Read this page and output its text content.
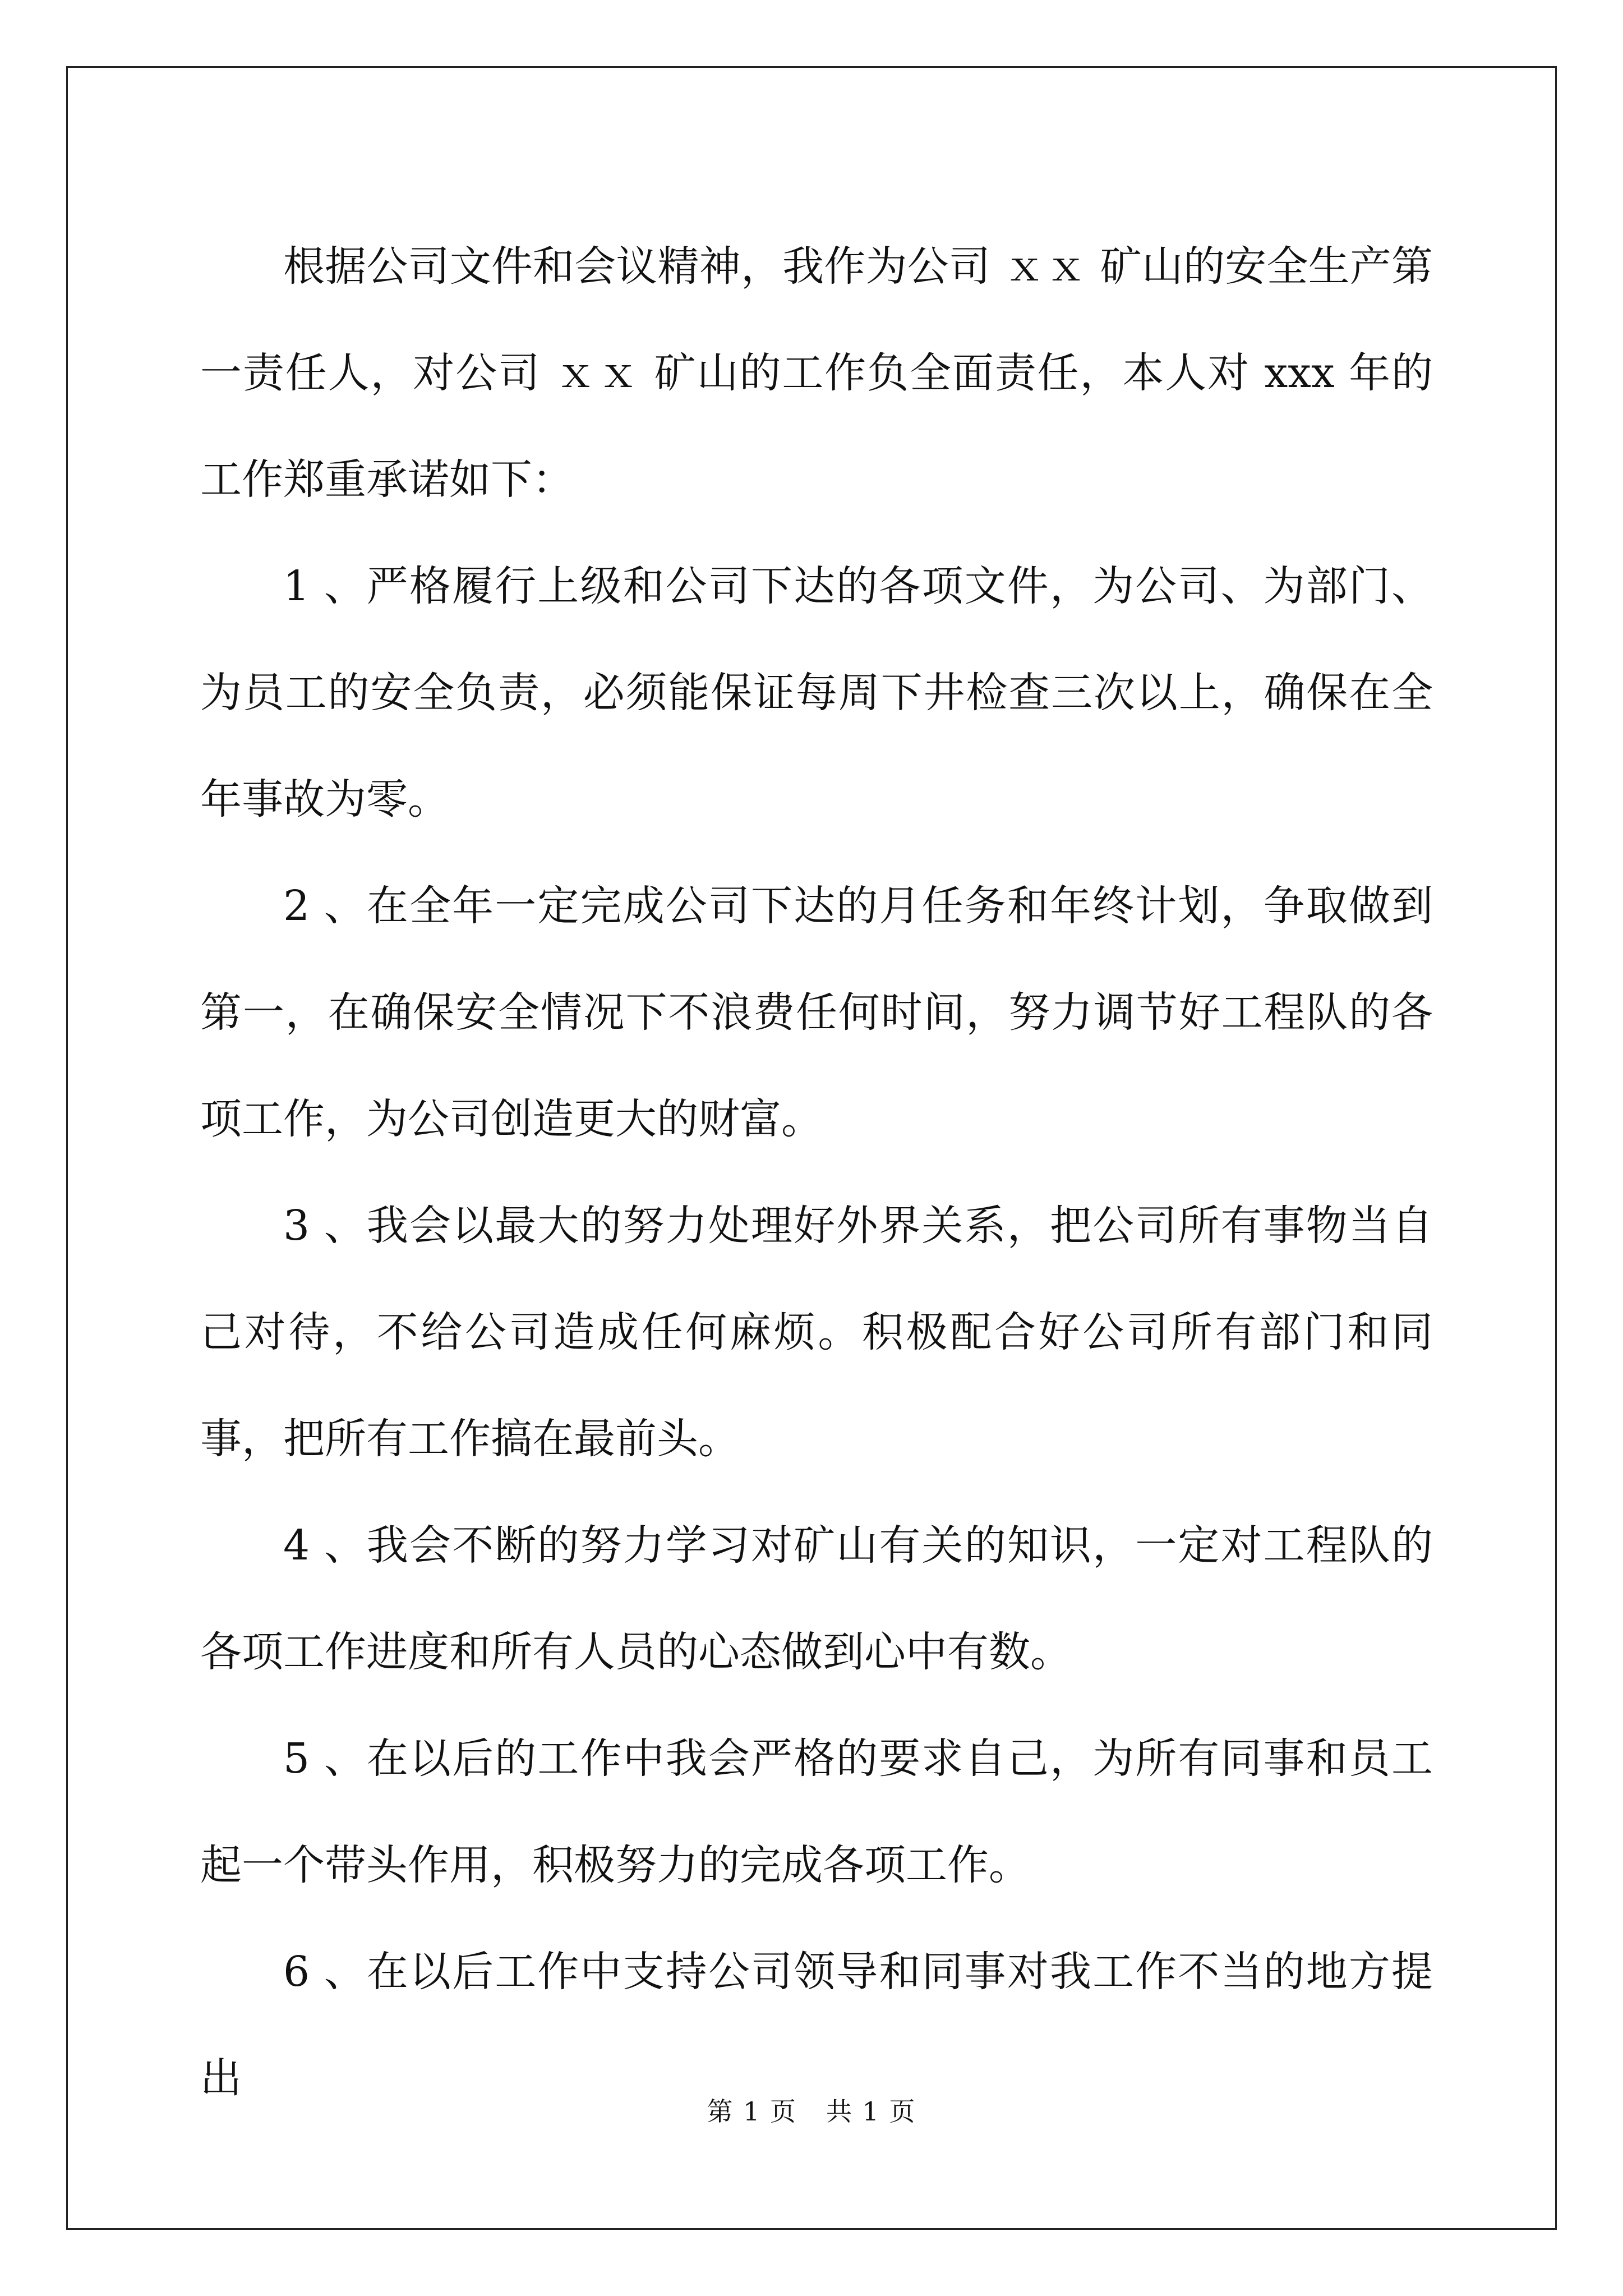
根据公司文件和会议精神，我作为公司 ｘｘ 矿山的安全生产第一责任人，对公司 ｘｘ 矿山的工作负全面责任，本人对 xxx 年的工作郑重承诺如下：

1 、严格履行上级和公司下达的各项文件，为公司、为部门、为员工的安全负责，必须能保证每周下井检查三次以上，确保在全年事故为零。

2 、在全年一定完成公司下达的月任务和年终计划，争取做到第一，在确保安全情况下不浪费任何时间，努力调节好工程队的各项工作，为公司创造更大的财富。

3 、我会以最大的努力处理好外界关系，把公司所有事物当自己对待，不给公司造成任何麻烦。积极配合好公司所有部门和同事，把所有工作搞在最前头。

4 、我会不断的努力学习对矿山有关的知识，一定对工程队的各项工作进度和所有人员的心态做到心中有数。

5 、在以后的工作中我会严格的要求自己，为所有同事和员工起一个带头作用，积极努力的完成各项工作。

6 、在以后工作中支持公司领导和同事对我工作不当的地方提出

第 1 页 共 1 页
